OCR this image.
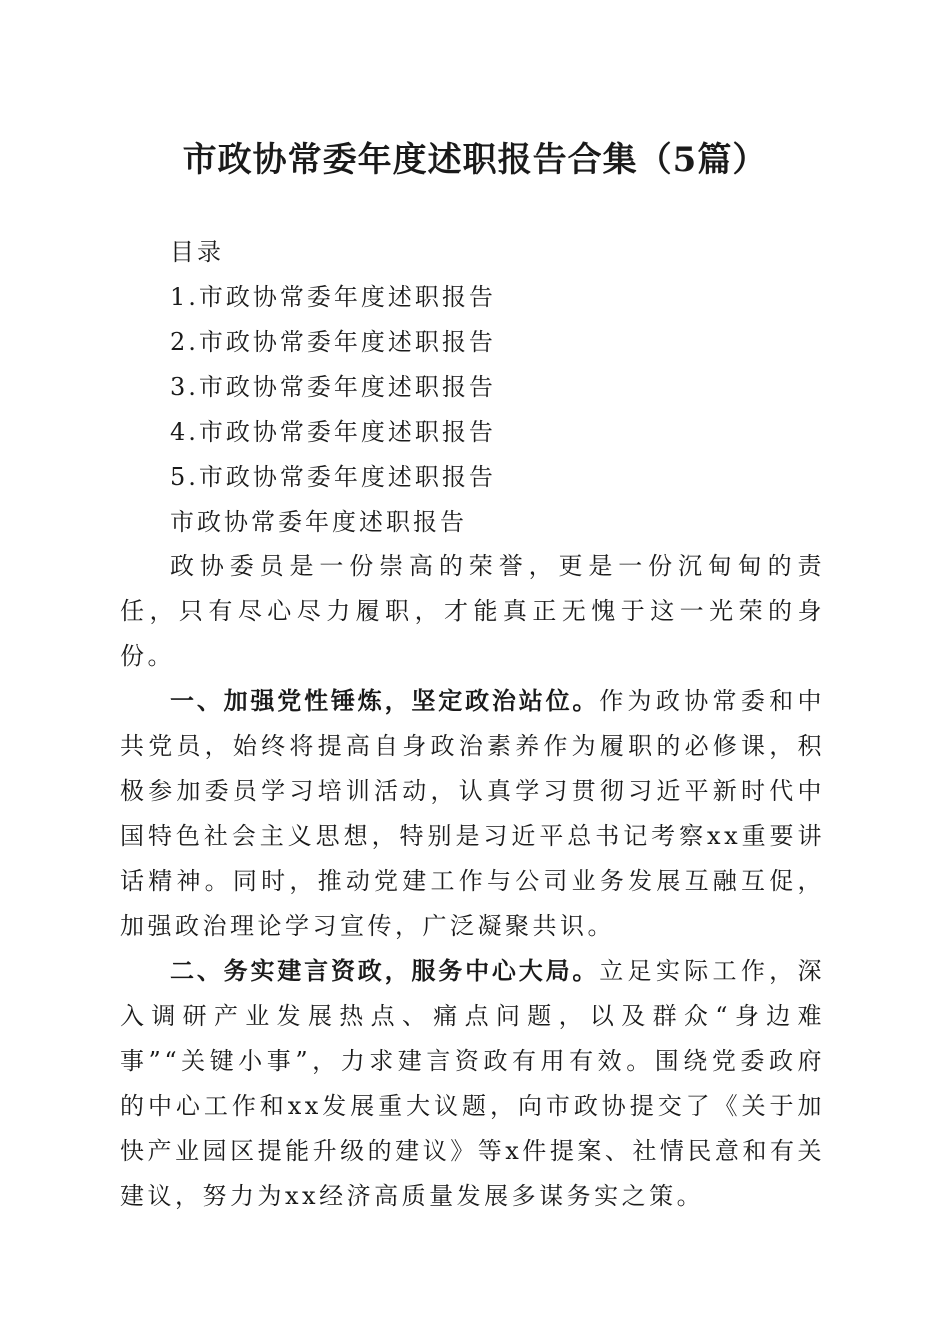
市政协常委年度述职报告合集（5篇）
目录
1.市政协常委年度述职报告
2.市政协常委年度述职报告
3.市政协常委年度述职报告
4.市政协常委年度述职报告
5.市政协常委年度述职报告
市政协常委年度述职报告

政协委员是一份崇高的荣誉，更是一份沉甸甸的责任，只有尽心尽力履职，才能真正无愧于这一光荣的身份。

一、加强党性锤炼，坚定政治站位。作为政协常委和中共党员，始终将提高自身政治素养作为履职的必修课，积极参加委员学习培训活动，认真学习贯彻习近平新时代中国特色社会主义思想，特别是习近平总书记考察xx重要讲话精神。同时，推动党建工作与公司业务发展互融互促，加强政治理论学习宣传，广泛凝聚共识。

二、务实建言资政，服务中心大局。立足实际工作，深入调研产业发展热点、痛点问题，以及群众“身边难事”“关键小事”，力求建言资政有用有效。围绕党委政府的中心工作和xx发展重大议题，向市政协提交了《关于加快产业园区提能升级的建议》等x件提案、社情民意和有关建议，努力为xx经济高质量发展多谋务实之策。
